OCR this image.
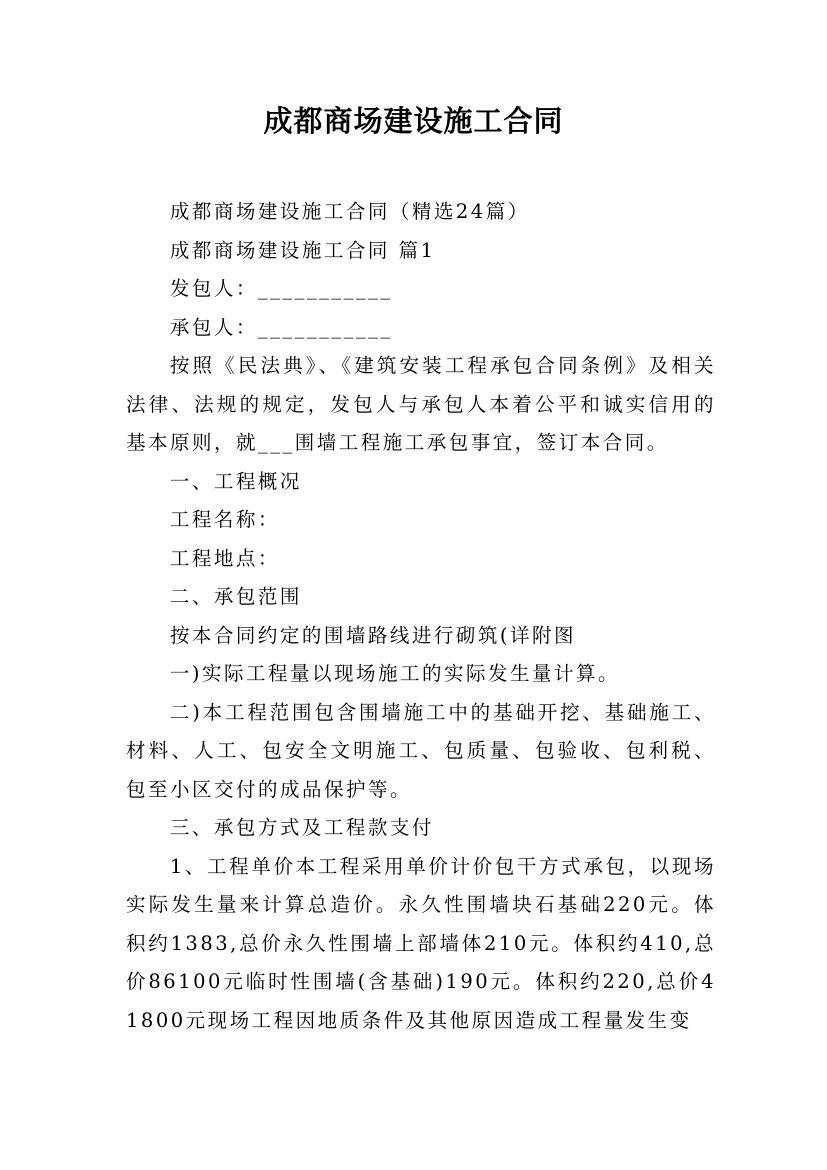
成都商场建设施工合同

成都商场建设施工合同（精选24篇）

成都商场建设施工合同 篇1

发包人：___________

承包人：___________

按照《民法典》、《建筑安装工程承包合同条例》及相关法律、法规的规定，发包人与承包人本着公平和诚实信用的基本原则，就___围墙工程施工承包事宜，签订本合同。

一、工程概况

工程名称：

工程地点：

二、承包范围

按本合同约定的围墙路线进行砌筑(详附图

一)实际工程量以现场施工的实际发生量计算。

二)本工程范围包含围墙施工中的基础开挖、基础施工、材料、人工、包安全文明施工、包质量、包验收、包利税、包至小区交付的成品保护等。

三、承包方式及工程款支付

1、工程单价本工程采用单价计价包干方式承包，以现场实际发生量来计算总造价。永久性围墙块石基础220元。体积约1383,总价永久性围墙上部墙体210元。体积约410,总价86100元临时性围墙(含基础)190元。体积约220,总价41800元现场工程因地质条件及其他原因造成工程量发生变
